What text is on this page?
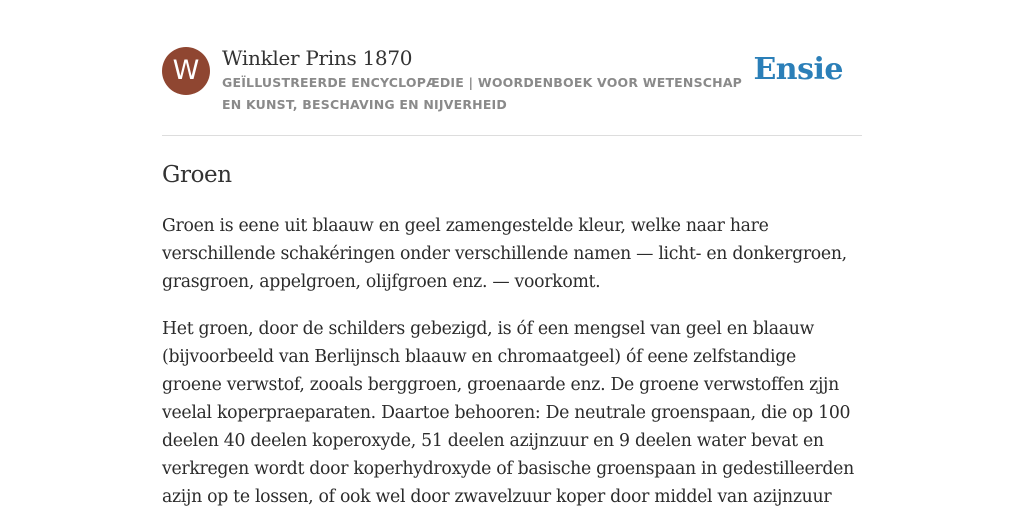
W	Winkler Prins 1870
GEÏLLUSTREERDE ENCYCLOPÆDIE | WOORDENBOEK VOOR WETENSCHAP EN KUNST, BESCHAVING EN NIJVERHEID
Ensie
Groen

Groen is eene uit blaauw en geel zamengestelde kleur, welke naar hare
verschillende schakéringen onder verschillende namen — licht- en donkergroen,
grasgroen, appelgroen, olijfgroen enz. — voorkomt.

Het groen, door de schilders gebezigd, is óf een mengsel van geel en blaauw
(bijvoorbeeld van Berlijnsch blaauw en chromaatgeel) óf eene zelfstandige
groene verwstof, zooals berggroen, groenaarde enz. De groene verwstoffen zjjn
veelal koperpraeparaten. Daartoe behooren: De neutrale groenspaan, die op 100
deelen 40 deelen koperoxyde, 51 deelen azijnzuur en 9 deelen water bevat en
verkregen wordt door koperhydroxyde of basische groenspaan in gedestilleerden
azijn op te lossen, of ook wel door zwavelzuur koper door middel van azijnzuur
